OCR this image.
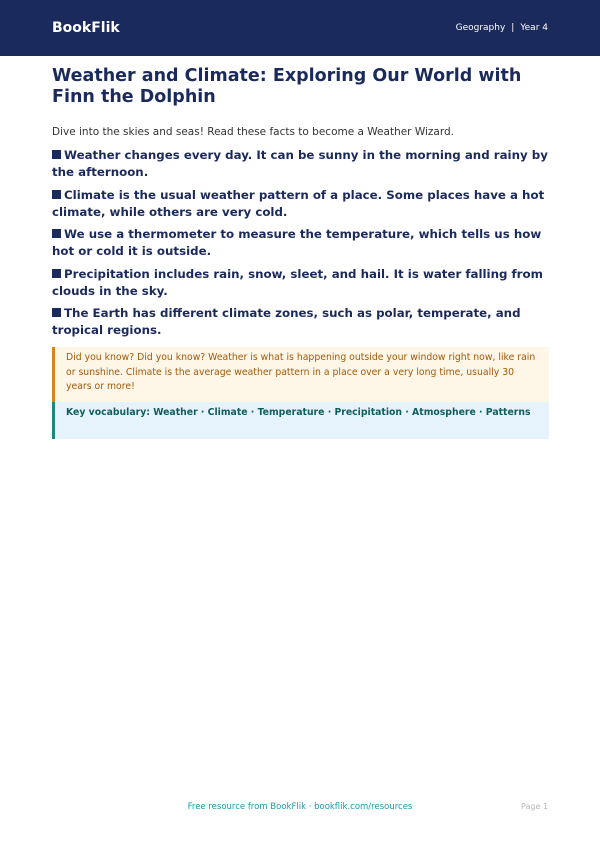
BookFlik	Geography | Year 4
Weather and Climate: Exploring Our World with Finn the Dolphin

Dive into the skies and seas! Read these facts to become a Weather Wizard.

Weather changes every day. It can be sunny in the morning and rainy by the afternoon.
Climate is the usual weather pattern of a place. Some places have a hot climate, while others are very cold.
We use a thermometer to measure the temperature, which tells us how hot or cold it is outside.
Precipitation includes rain, snow, sleet, and hail. It is water falling from clouds in the sky.
The Earth has different climate zones, such as polar, temperate, and tropical regions.
Did you know? Did you know? Weather is what is happening outside your window right now, like rain or sunshine. Climate is the average weather pattern in a place over a very long time, usually 30 years or more!
Key vocabulary: Weather · Climate · Temperature · Precipitation · Atmosphere · Patterns
Free resource from BookFlik · bookflik.com/resources	Page 1
